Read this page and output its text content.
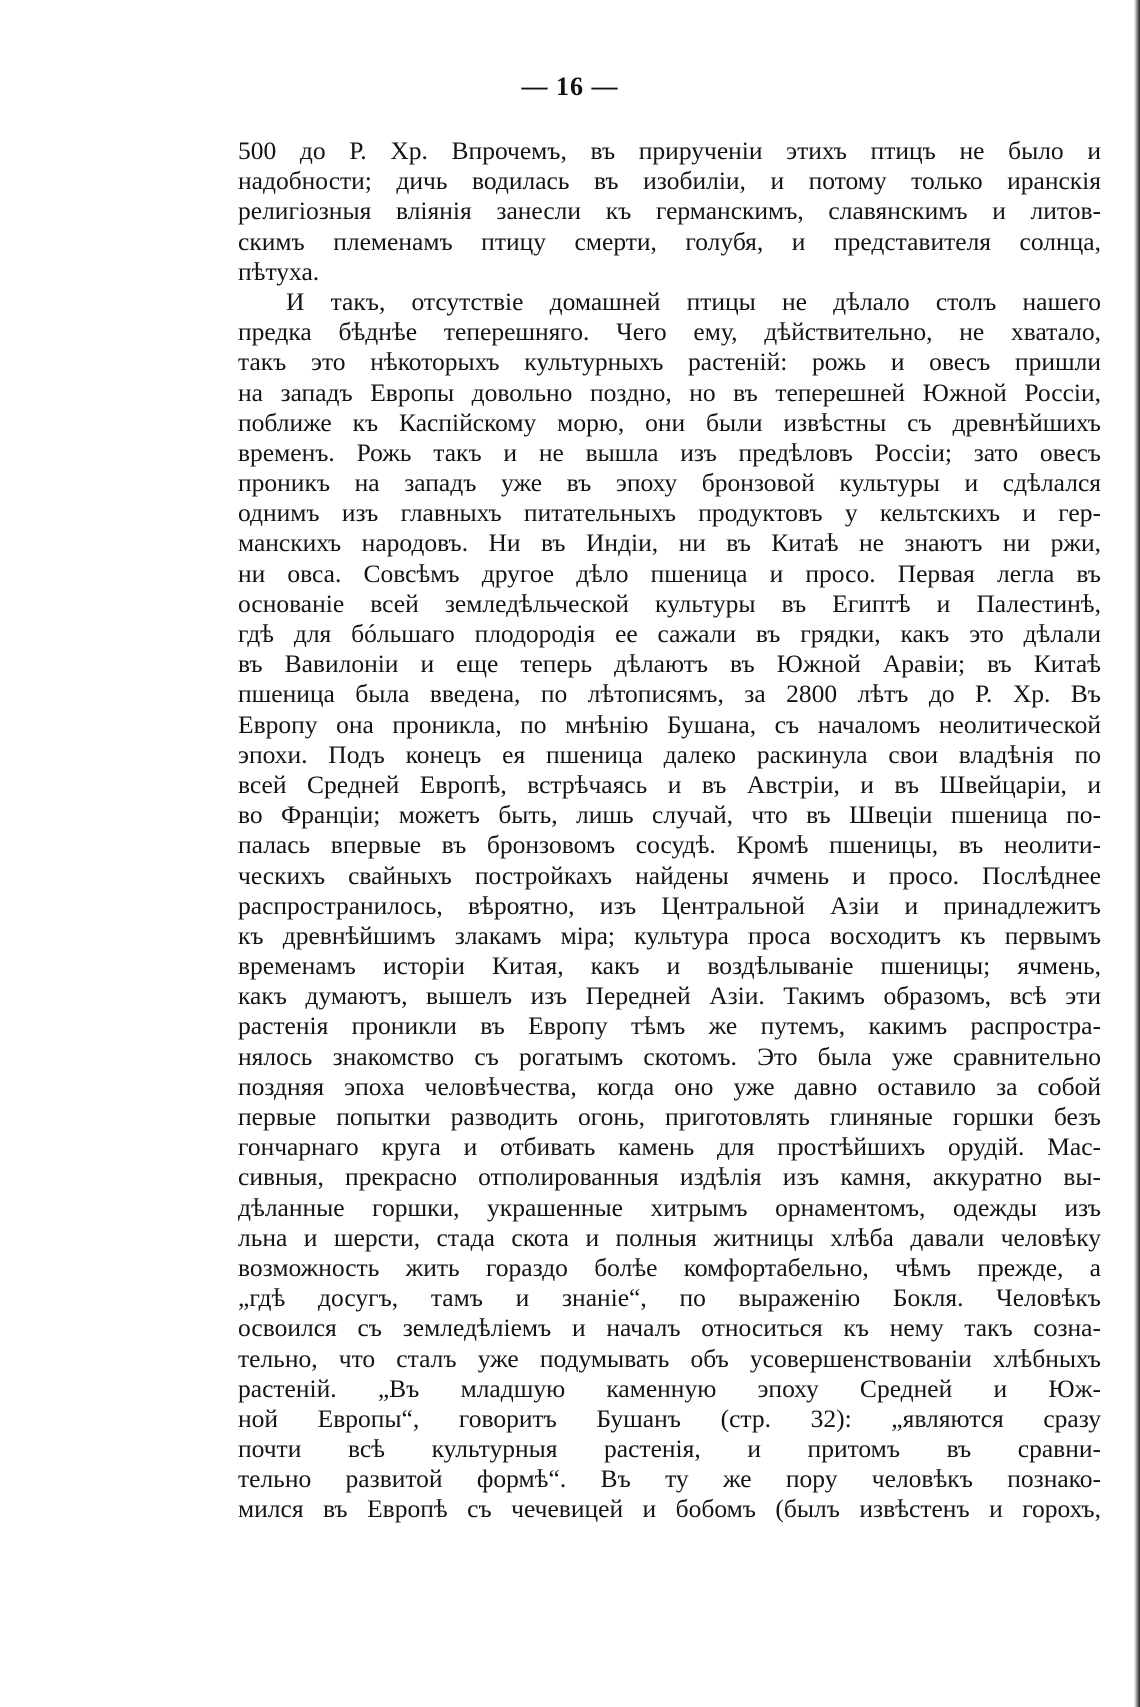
— 16 —
500 до Р. Хр. Впрочемъ, въ прирученіи этихъ птицъ не было и
надобности; дичь водилась въ изобиліи, и потому только иранскія
религіозныя вліянія занесли къ германскимъ, славянскимъ и литов-
скимъ племенамъ птицу смерти, голубя, и представителя солнца,
пѣтуха.
И такъ, отсутствіе домашней птицы не дѣлало столъ нашего
предка бѣднѣе теперешняго. Чего ему, дѣйствительно, не хватало,
такъ это нѣкоторыхъ культурныхъ растеній: рожь и овесъ пришли
на западъ Европы довольно поздно, но въ теперешней Южной Россіи,
поближе къ Каспійскому морю, они были извѣстны съ древнѣйшихъ
временъ. Рожь такъ и не вышла изъ предѣловъ Россіи; зато овесъ
проникъ на западъ уже въ эпоху бронзовой культуры и сдѣлался
однимъ изъ главныхъ питательныхъ продуктовъ у кельтскихъ и гер-
манскихъ народовъ. Ни въ Индіи, ни въ Китаѣ не знаютъ ни ржи,
ни овса. Совсѣмъ другое дѣло пшеница и просо. Первая легла въ
основаніе всей земледѣльческой культуры въ Египтѣ и Палестинѣ,
гдѣ для бóльшаго плодородія ее сажали въ грядки, какъ это дѣлали
въ Вавилоніи и еще теперь дѣлаютъ въ Южной Аравіи; въ Китаѣ
пшеница была введена, по лѣтописямъ, за 2800 лѣтъ до Р. Хр. Въ
Европу она проникла, по мнѣнію Бушана, съ началомъ неолитической
эпохи. Подъ конецъ ея пшеница далеко раскинула свои владѣнія по
всей Средней Европѣ, встрѣчаясь и въ Австріи, и въ Швейцаріи, и
во Франціи; можетъ быть, лишь случай, что въ Швеціи пшеница по-
палась впервые въ бронзовомъ сосудѣ. Кромѣ пшеницы, въ неолити-
ческихъ свайныхъ постройкахъ найдены ячмень и просо. Послѣднее
распространилось, вѣроятно, изъ Центральной Азіи и принадлежитъ
къ древнѣйшимъ злакамъ міра; культура проса восходитъ къ первымъ
временамъ исторіи Китая, какъ и воздѣлываніе пшеницы; ячмень,
какъ думаютъ, вышелъ изъ Передней Азіи. Такимъ образомъ, всѣ эти
растенія проникли въ Европу тѣмъ же путемъ, какимъ распростра-
нялось знакомство съ рогатымъ скотомъ. Это была уже сравнительно
поздняя эпоха человѣчества, когда оно уже давно оставило за собой
первые попытки разводить огонь, приготовлять глиняные горшки безъ
гончарнаго круга и отбивать камень для простѣйшихъ орудій. Мас-
сивныя, прекрасно отполированныя издѣлія изъ камня, аккуратно вы-
дѣланные горшки, украшенные хитрымъ орнаментомъ, одежды изъ
льна и шерсти, стада скота и полныя житницы хлѣба давали человѣку
возможность жить гораздо болѣе комфортабельно, чѣмъ прежде, а
„гдѣ досугъ, тамъ и знаніе“, по выраженію Бокля. Человѣкъ
освоился съ земледѣліемъ и началъ относиться къ нему такъ созна-
тельно, что сталъ уже подумывать объ усовершенствованіи хлѣбныхъ
растеній. „Въ младшую каменную эпоху Средней и Юж-
ной Европы“, говоритъ Бушанъ (стр. 32): „являются сразу
почти всѣ культурныя растенія, и притомъ въ сравни-
тельно развитой формѣ“. Въ ту же пору человѣкъ познако-
мился въ Европѣ съ чечевицей и бобомъ (былъ извѣстенъ и горохъ,
